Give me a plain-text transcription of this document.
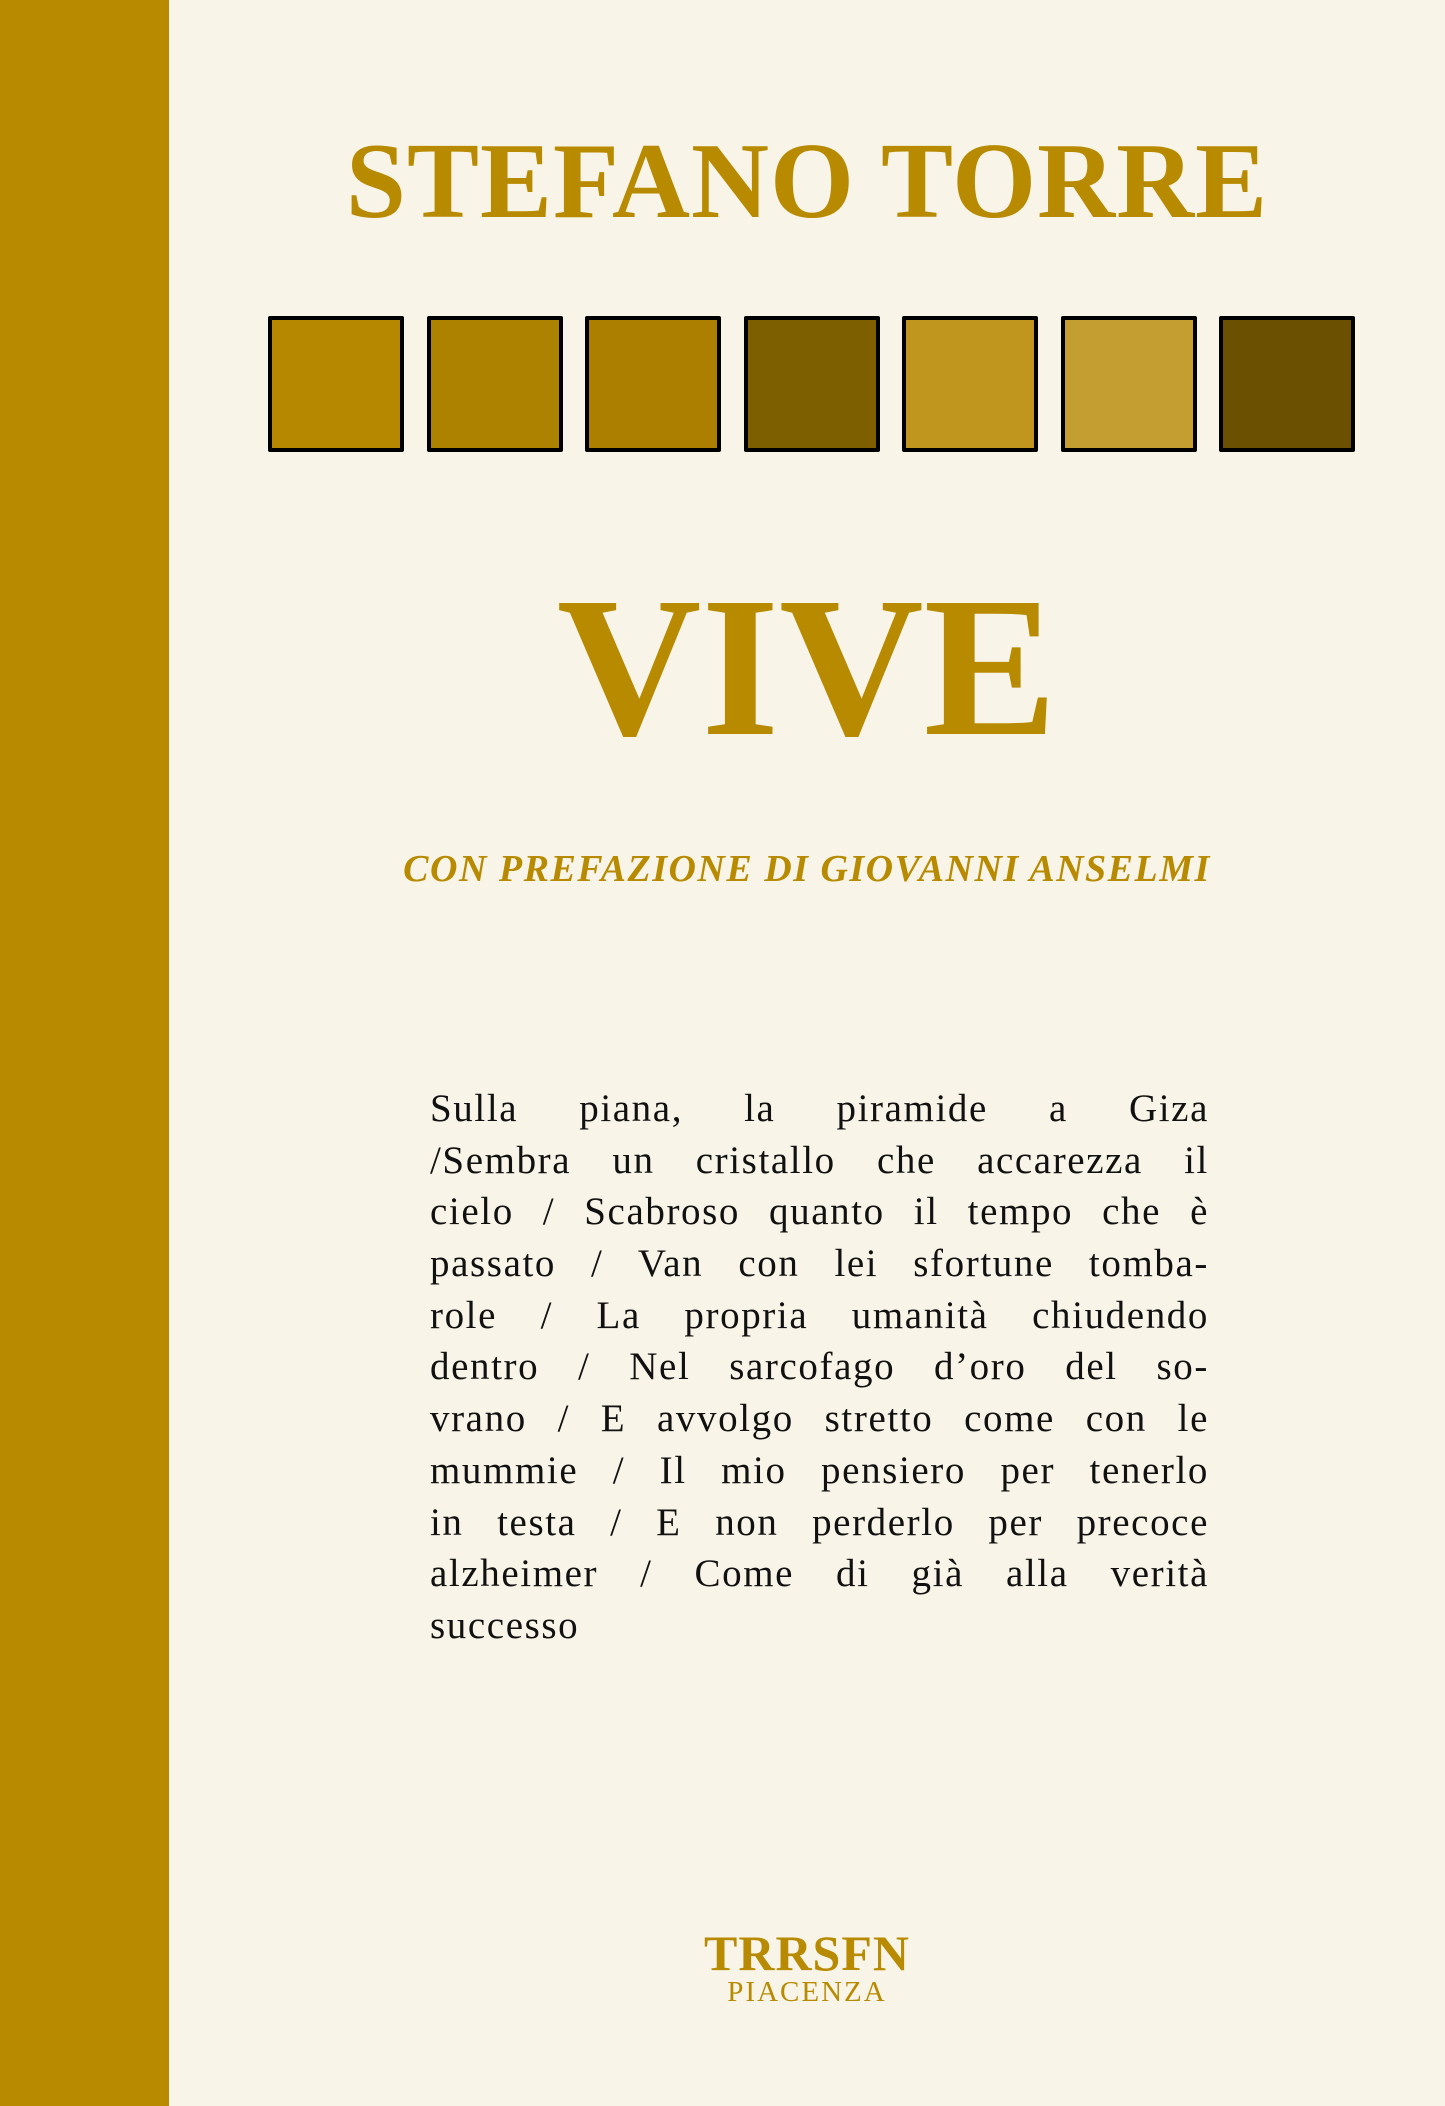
STEFANO TORRE
VIVE
CON PREFAZIONE DI GIOVANNI ANSELMI
Sulla piana, la piramide a Giza
/Sembra un cristallo che accarezza il
cielo / Scabroso quanto il tempo che è
passato / Van con lei sfortune tomba-
role / La propria umanità chiudendo
dentro / Nel sarcofago d’oro del so-
vrano / E avvolgo stretto come con le
mummie / Il mio pensiero per tenerlo
in testa / E non perderlo per precoce
alzheimer / Come di già alla verità
successo
TRRSFN
PIACENZA
